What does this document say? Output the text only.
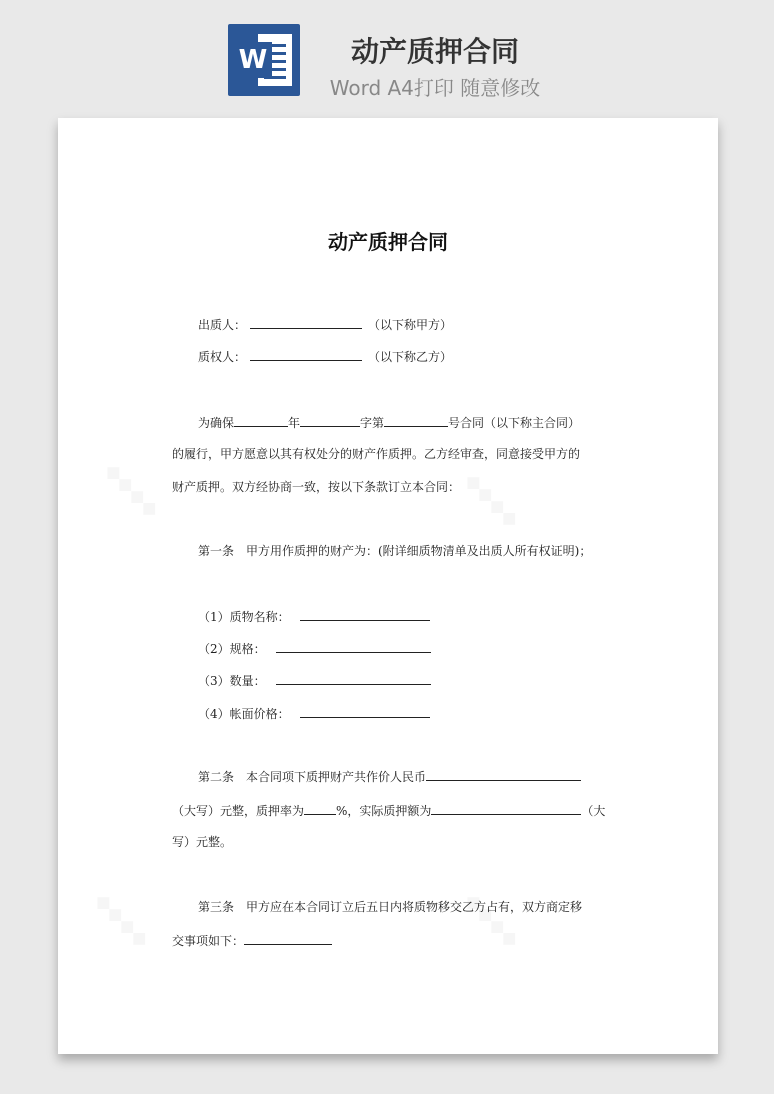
W	动产质押合同
Word A4打印 随意修改
动产质押合同
出质人：	（以下称甲方）
质权人：	（以下称乙方）
为确保	年	字第	号合同（以下称主合同）
的履行，甲方愿意以其有权处分的财产作质押。乙方经审查，同意接受甲方的
财产质押。双方经协商一致，按以下条款订立本合同：
第一条　甲方用作质押的财产为：(附详细质物清单及出质人所有权证明)；
（1）质物名称：
（2）规格：
（3）数量：
（4）帐面价格：
第二条　本合同项下质押财产共作价人民币
（大写）元整，质押率为	%，实际质押额为	（大
写）元整。
第三条　甲方应在本合同订立后五日内将质物移交乙方占有，双方商定移
交事项如下：
